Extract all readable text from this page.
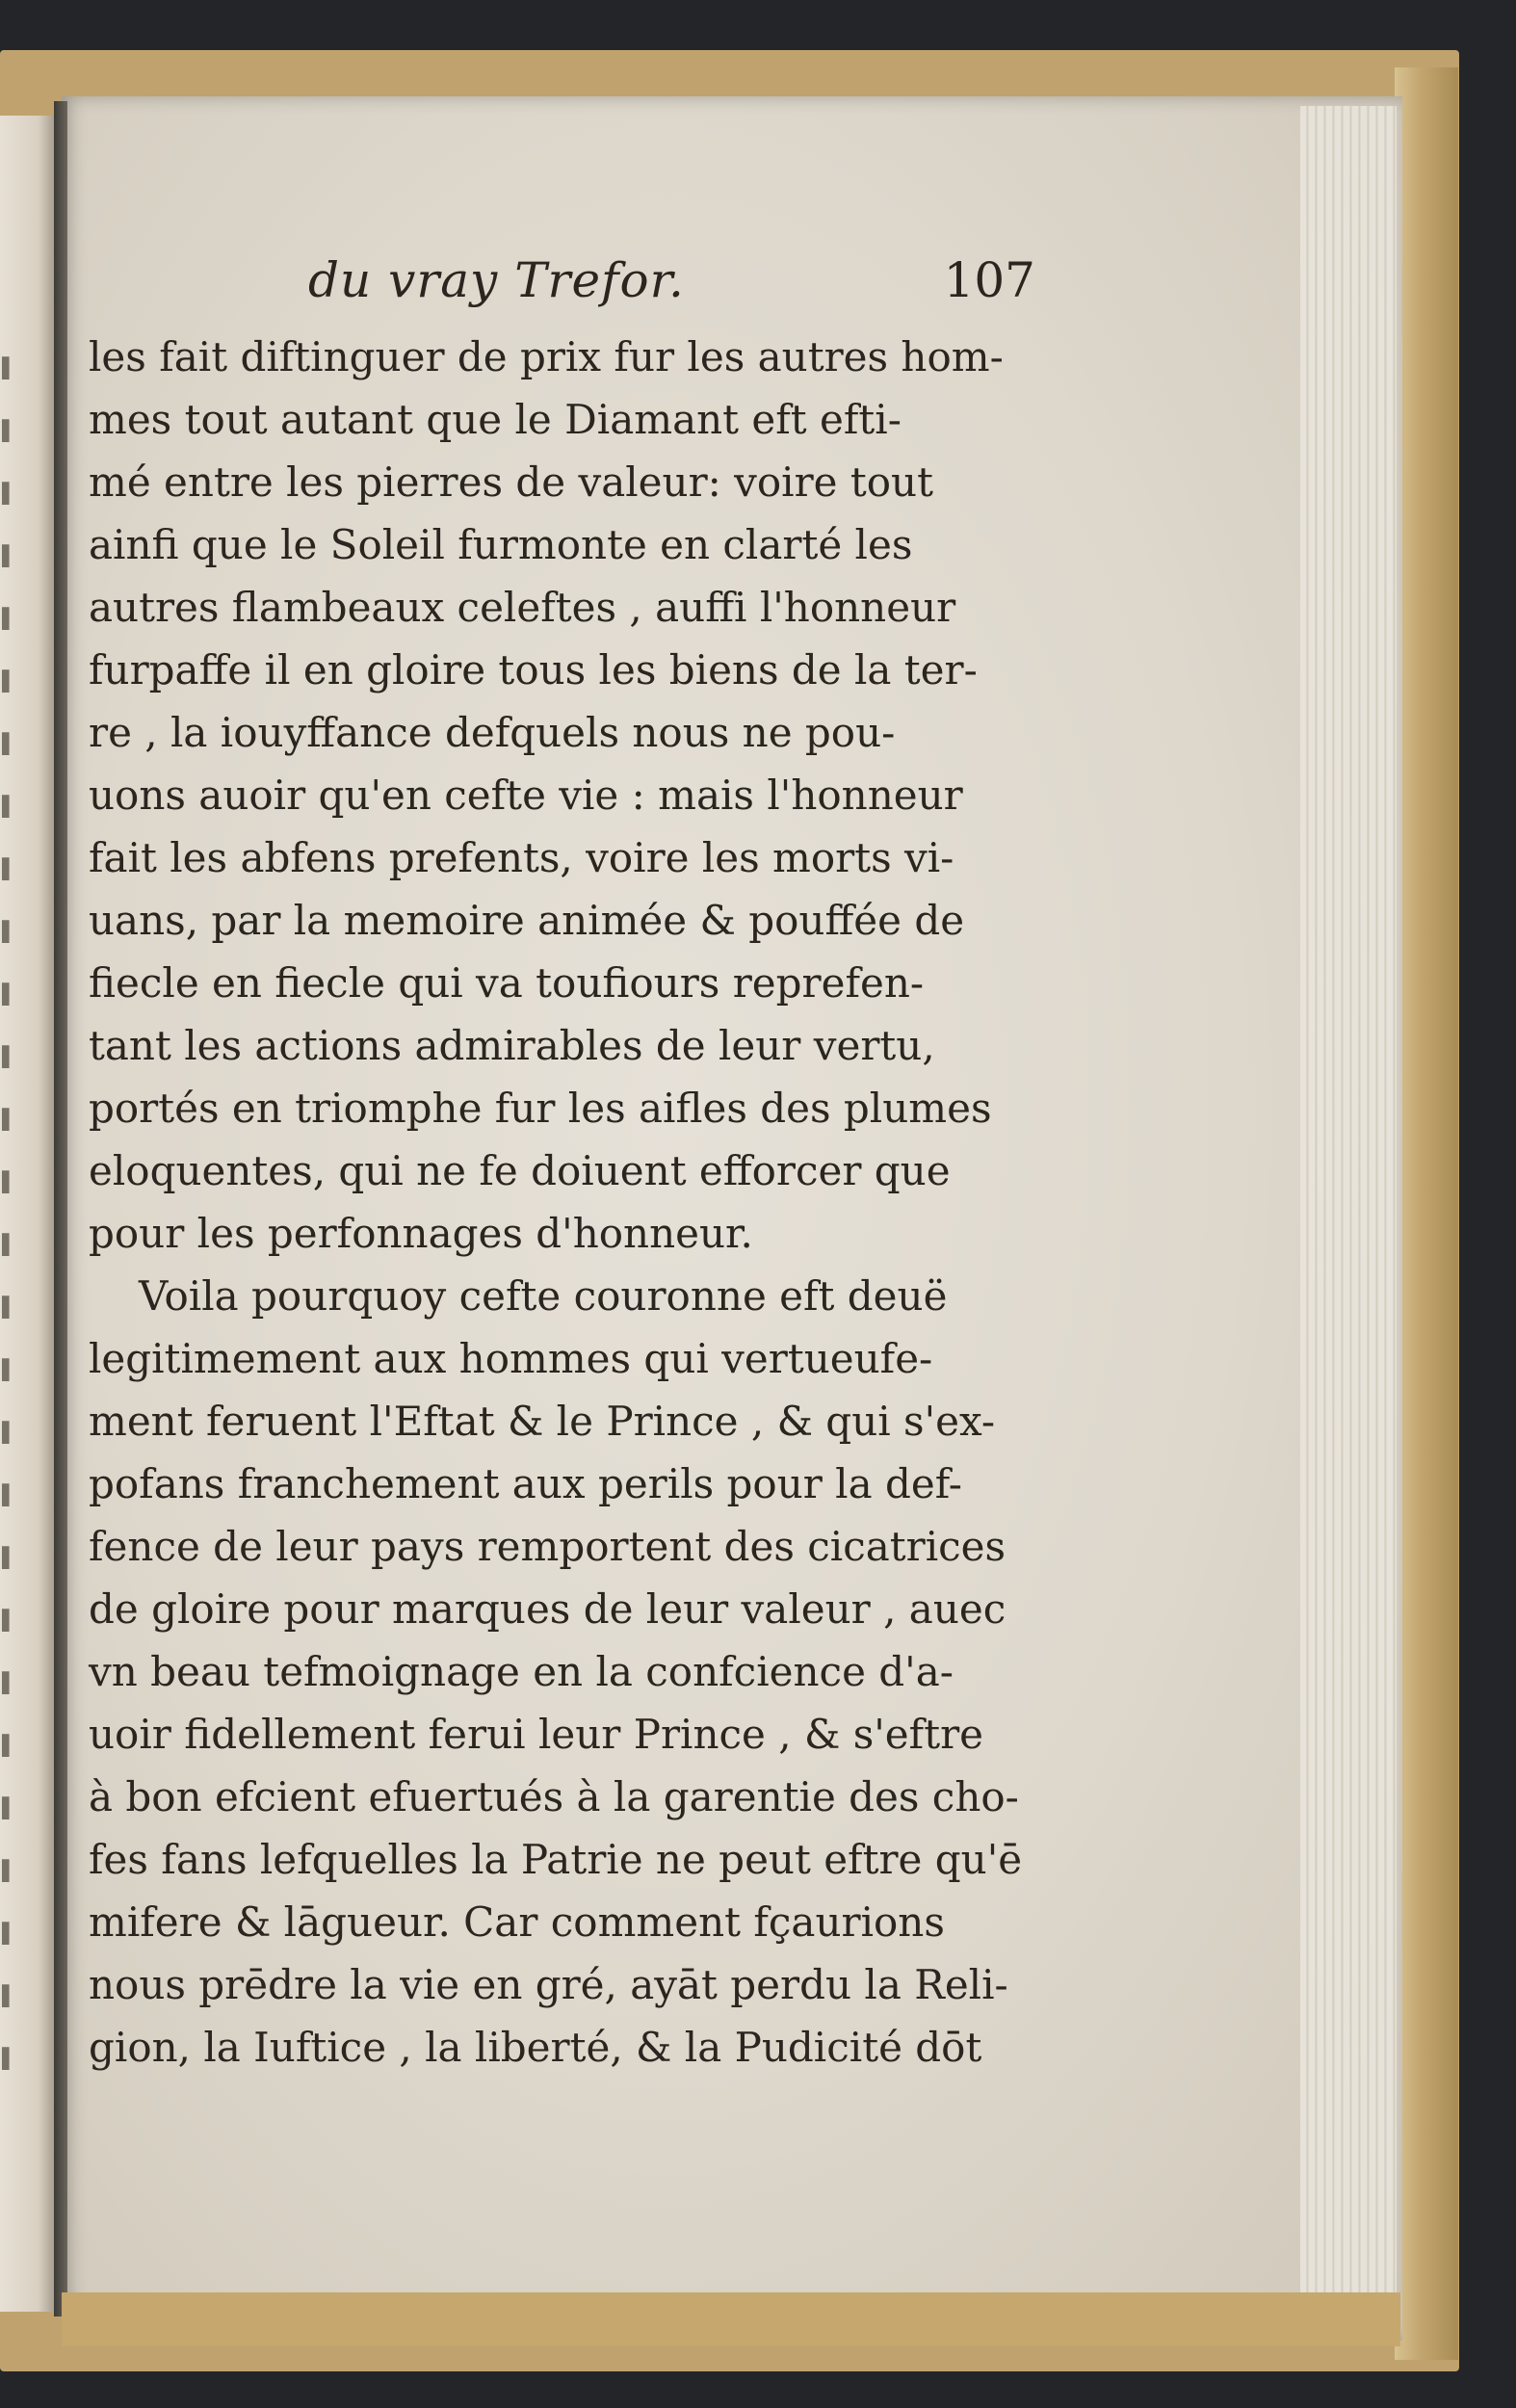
▌
▌
▌
▌
▌
▌
▌
▌
▌
▌
▌
▌
▌
▌
▌
▌
▌
▌
▌
▌
▌
▌
▌
▌
▌
▌
▌
▌
du vray Trefor.	107
les fait diftinguer de prix fur les autres hom-
mes tout autant que le Diamant eft efti-
mé entre les pierres de valeur: voire tout
ainfi que le Soleil furmonte en clarté les
autres flambeaux celeftes , auffi l'honneur
furpaffe il en gloire tous les biens de la ter-
re , la iouyffance defquels nous ne pou-
uons auoir qu'en cefte vie : mais l'honneur
fait les abfens prefents, voire les morts vi-
uans, par la memoire animée & pouffée de
fiecle en fiecle qui va toufiours reprefen-
tant les actions admirables de leur vertu,
portés en triomphe fur les aifles des plumes
eloquentes, qui ne fe doiuent efforcer que
pour les perfonnages d'honneur.
Voila pourquoy cefte couronne eft deuë
legitimement aux hommes qui vertueufe-
ment feruent l'Eftat & le Prince , & qui s'ex-
pofans franchement aux perils pour la def-
fence de leur pays remportent des cicatrices
de gloire pour marques de leur valeur , auec
vn beau tefmoignage en la confcience d'a-
uoir fidellement ferui leur Prince , & s'eftre
à bon efcient efuertués à la garentie des cho-
fes fans lefquelles la Patrie ne peut eftre qu'ē
mifere & lāgueur. Car comment fçaurions
nous prēdre la vie en gré, ayāt perdu la Reli-
gion, la Iuftice , la liberté, & la Pudicité dōt
